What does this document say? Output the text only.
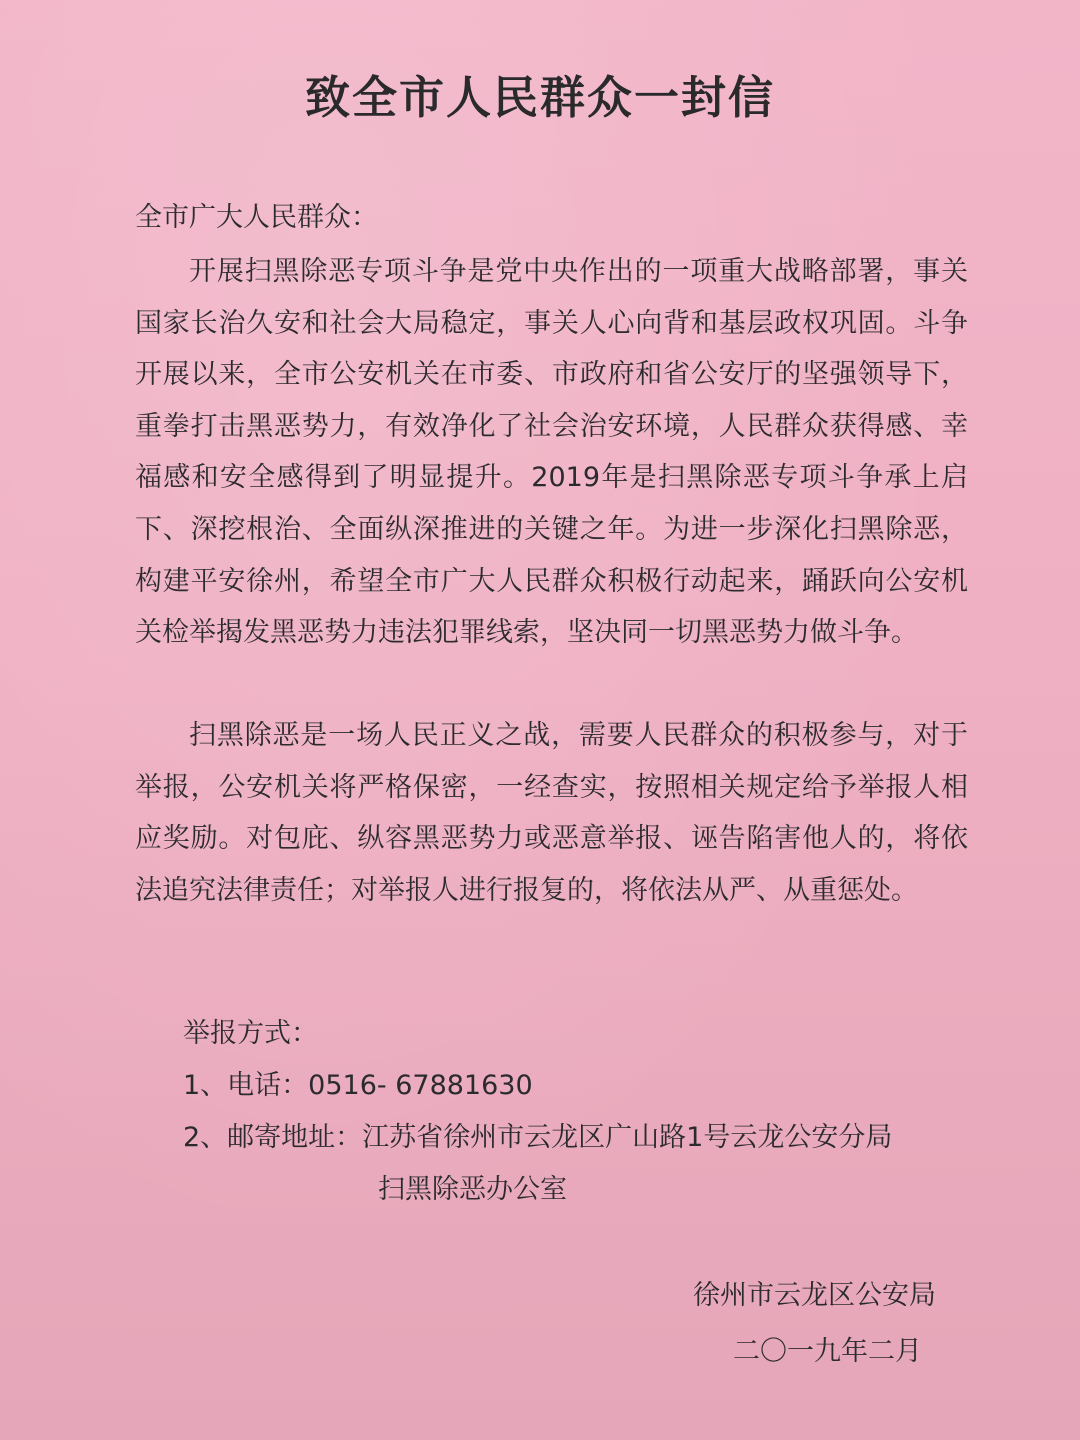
致全市人民群众一封信

全市广大人民群众：

开展扫黑除恶专项斗争是党中央作出的一项重大战略部署，事关国家长治久安和社会大局稳定，事关人心向背和基层政权巩固。斗争开展以来，全市公安机关在市委、市政府和省公安厅的坚强领导下，重拳打击黑恶势力，有效净化了社会治安环境，人民群众获得感、幸福感和安全感得到了明显提升。2019年是扫黑除恶专项斗争承上启下、深挖根治、全面纵深推进的关键之年。为进一步深化扫黑除恶，构建平安徐州，希望全市广大人民群众积极行动起来，踊跃向公安机关检举揭发黑恶势力违法犯罪线索，坚决同一切黑恶势力做斗争。

扫黑除恶是一场人民正义之战，需要人民群众的积极参与，对于举报，公安机关将严格保密，一经查实，按照相关规定给予举报人相应奖励。对包庇、纵容黑恶势力或恶意举报、诬告陷害他人的，将依法追究法律责任；对举报人进行报复的，将依法从严、从重惩处。

举报方式：
1、电话：0516- 67881630
2、邮寄地址：江苏省徐州市云龙区广山路1号云龙公安分局
扫黑除恶办公室
徐州市云龙区公安局
二〇一九年二月
